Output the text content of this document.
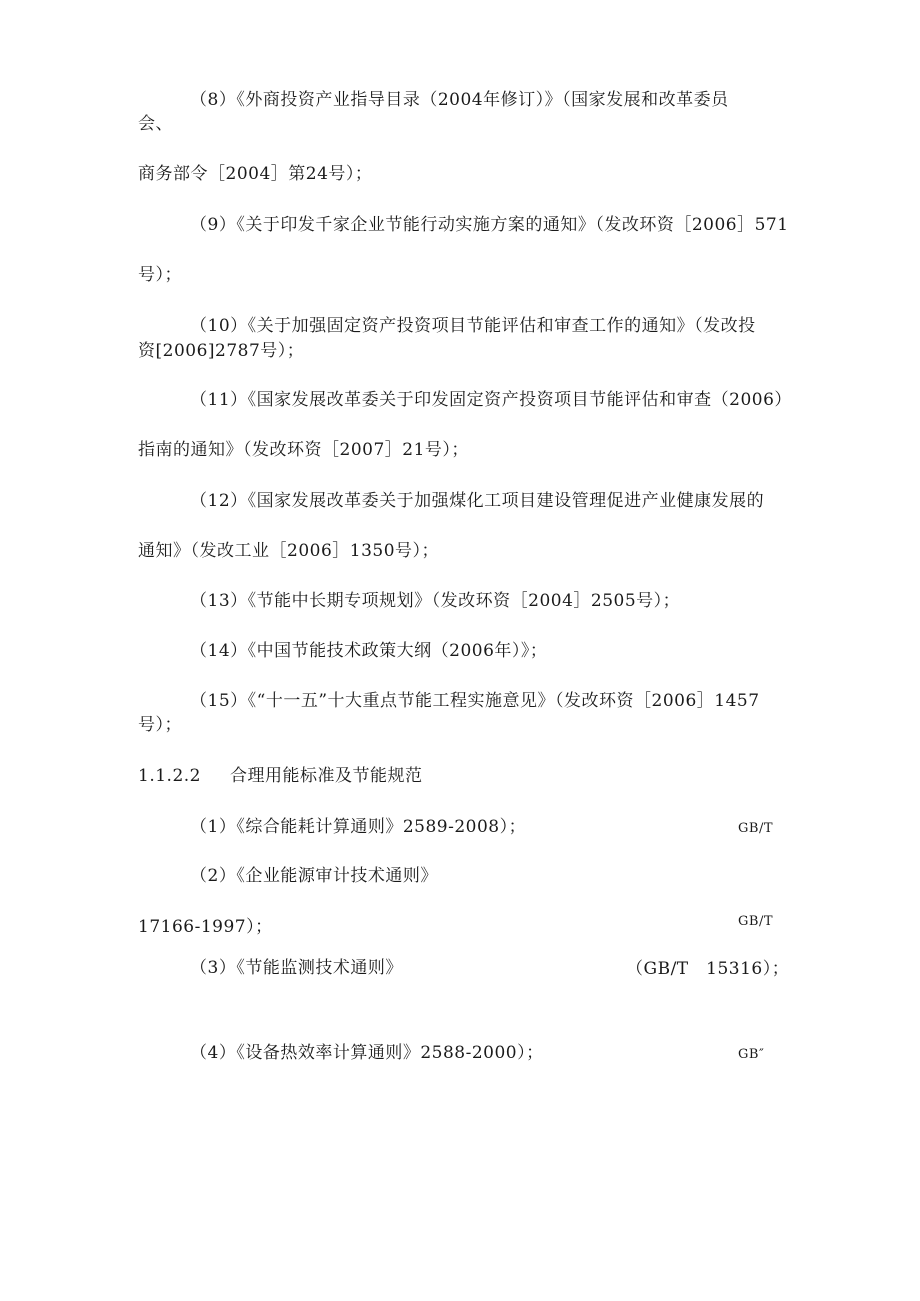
（8）《外商投资产业指导目录（2004年修订）》（国家发展和改革委员
会、
商务部令［2004］第24号）；
（9）《关于印发千家企业节能行动实施方案的通知》（发改环资［2006］571
号）；
（10）《关于加强固定资产投资项目节能评估和审查工作的通知》（发改投
资[2006]2787号）；
（11）《国家发展改革委关于印发固定资产投资项目节能评估和审查（2006）
指南的通知》（发改环资［2007］21号）；
（12）《国家发展改革委关于加强煤化工项目建设管理促进产业健康发展的
通知》（发改工业［2006］1350号）；
（13）《节能中长期专项规划》（发改环资［2004］2505号）；
（14）《中国节能技术政策大纲（2006年）》；
（15）《“十一五”十大重点节能工程实施意见》（发改环资［2006］1457
号）；
1.1.2.2 合理用能标准及节能规范
（1）《综合能耗计算通则》2589-2008）；	GB/T
（2）《企业能源审计技术通则》
GB/T
17166-1997）；
（3）《节能监测技术通则》	（GB/T　15316）；
（4）《设备热效率计算通则》2588-2000）；	GB″
